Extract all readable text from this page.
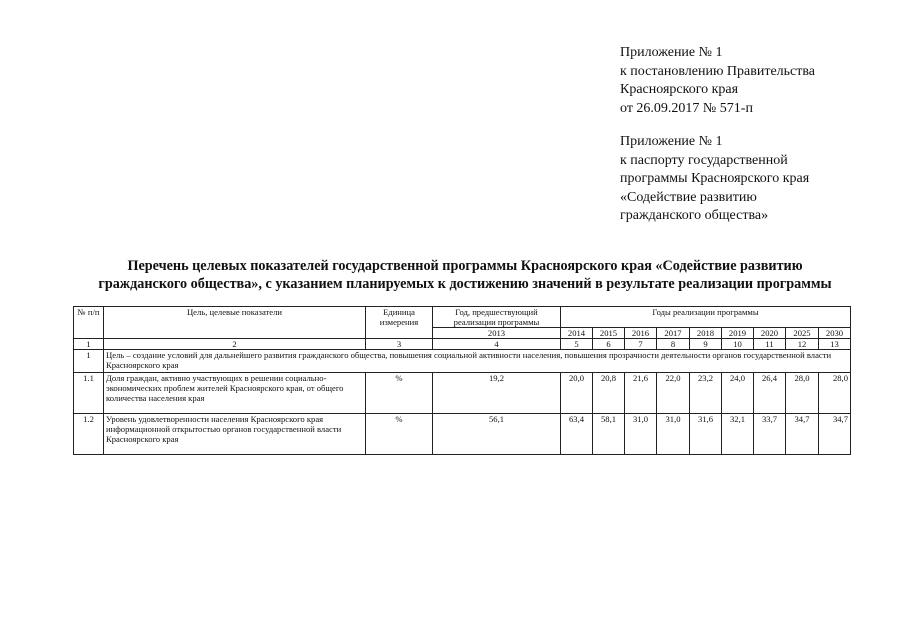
Приложение № 1
к постановлению Правительства
Красноярского края
от 26.09.2017 № 571-п
Приложение № 1
к паспорту государственной
программы Красноярского края
«Содействие развитию
гражданского общества»
Перечень целевых показателей государственной программы Красноярского края «Содействие развитию
гражданского общества», с указанием планируемых к достижению значений в результате реализации программы
№ п/п	Цель, целевые показатели	Единица измерения	Год, предшествующий реализации программы	Годы реализации программы								
			2013	2014	2015	2016	2017	2018	2019	2020	2025	2030
1	2	3	4	5	6	7	8	9	10	11	12	13
1	Цель – создание условий для дальнейшего развития гражданского общества, повышения социальной активности населения, повышения прозрачности деятельности органов государственной власти Красноярского края											
1.1	Доля граждан, активно участвующих в решении социально-экономических проблем жителей Красноярского края, от общего количества населения края	%	19,2	20,0	20,8	21,6	22,0	23,2	24,0	26,4	28,0	28,0
1.2	Уровень удовлетворенности населения Красноярского края информационной открытостью органов государственной власти Красноярского края	%	56,1	63,4	58,1	31,0	31,0	31,6	32,1	33,7	34,7	34,7
